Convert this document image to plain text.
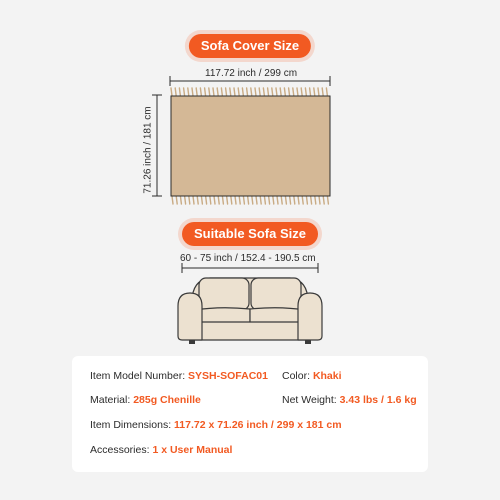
Sofa Cover Size
117.72 inch / 299 cm
71.26 inch / 181 cm
Suitable Sofa Size
60 - 75 inch / 152.4 - 190.5 cm
Item Model Number: SYSH-SOFAC01 Color: Khaki
Material: 285g Chenille	Net Weight: 3.43 lbs / 1.6 kg
Item Dimensions: 117.72 x 71.26 inch / 299 x 181 cm
Accessories: 1 x User Manual
